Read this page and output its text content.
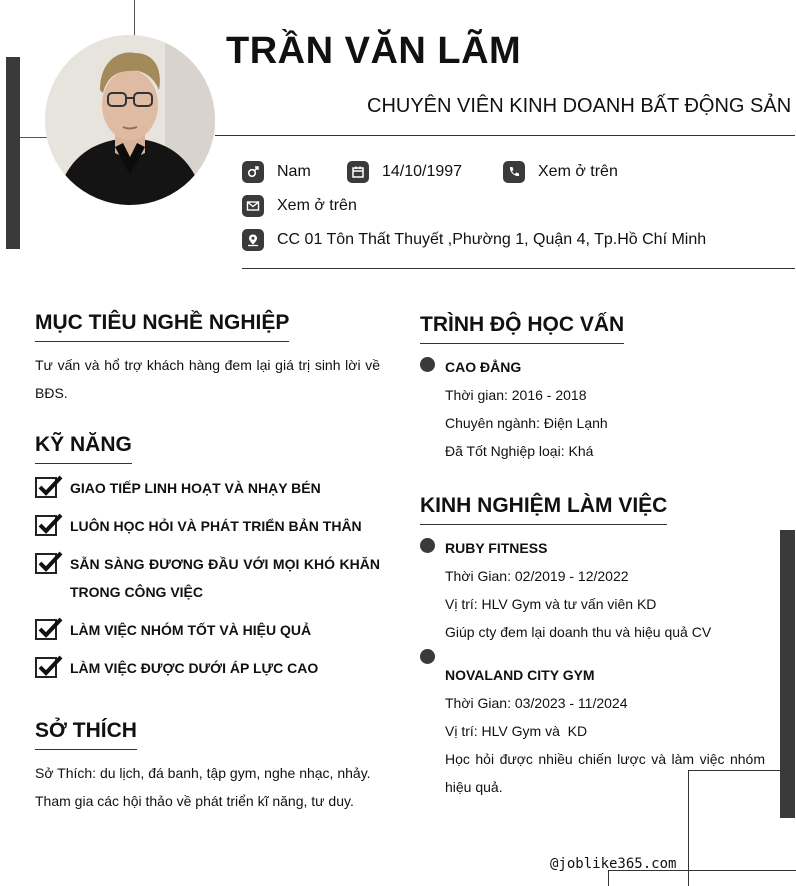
TRẦN VĂN LÃM
CHUYÊN VIÊN KINH DOANH BẤT ĐỘNG SẢN
Nam	14/10/1997	Xem ở trên
Xem ở trên
CC 01 Tôn Thất Thuyết ,Phường 1, Quận 4, Tp.Hồ Chí Minh
MỤC TIÊU NGHỀ NGHIỆP
Tư vấn và hổ trợ khách hàng đem lại giá trị sinh lời về BĐS.
KỸ NĂNG
GIAO TIẾP LINH HOẠT VÀ NHẠY BÉN
LUÔN HỌC HỎI VÀ PHÁT TRIỂN BẢN THÂN
SẴN SÀNG ĐƯƠNG ĐẦU VỚI MỌI KHÓ KHĂN TRONG CÔNG VIỆC
LÀM VIỆC NHÓM TỐT VÀ HIỆU QUẢ
LÀM VIỆC ĐƯỢC DƯỚI ÁP LỰC CAO
SỞ THÍCH
Sở Thích: du lịch, đá banh, tập gym, nghe nhạc, nhảy.
Tham gia các hội thảo về phát triển kĩ năng, tư duy.
TRÌNH ĐỘ HỌC VẤN
CAO ĐẲNG
Thời gian: 2016 - 2018
Chuyên ngành: Điện Lạnh
Đã Tốt Nghiệp loại: Khá
KINH NGHIỆM LÀM VIỆC
RUBY FITNESS
Thời Gian: 02/2019 - 12/2022
Vị trí: HLV Gym và tư vấn viên KD
Giúp cty đem lại doanh thu và hiệu quả CV
NOVALAND CITY GYM
Thời Gian: 03/2023 - 11/2024
Vị trí: HLV Gym và  KD
Học hỏi được nhiều chiến lược và làm việc nhóm hiệu quả.
@joblike365.com
